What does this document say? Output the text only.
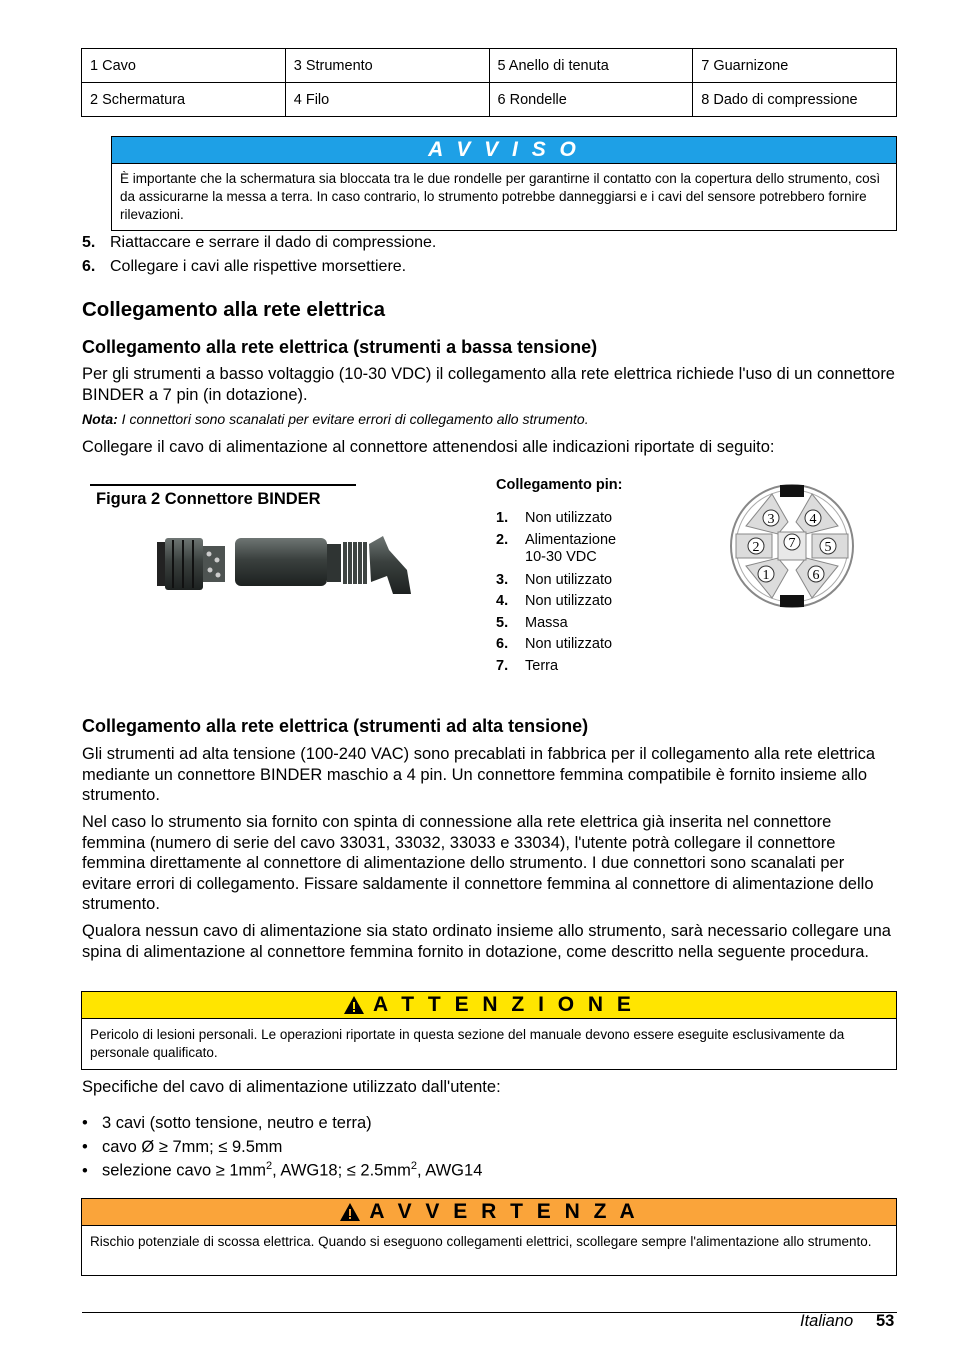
1 Cavo	3 Strumento	5 Anello di tenuta	7 Guarnizone
2 Schermatura	4 Filo	6 Rondelle	8 Dado di compressione
A V V I S O
È importante che la schermatura sia bloccata tra le due rondelle per garantirne il contatto con la copertura dello strumento, così da assicurarne la messa a terra. In caso contrario, lo strumento potrebbe danneggiarsi e i cavi del sensore potrebbero fornire rilevazioni.
5. Riattaccare e serrare il dado di compressione.
6. Collegare i cavi alle rispettive morsettiere.
Collegamento alla rete elettrica
Collegamento alla rete elettrica (strumenti a bassa tensione)
Per gli strumenti a basso voltaggio (10-30 VDC) il collegamento alla rete elettrica richiede l'uso di un connettore BINDER a 7 pin (in dotazione).
Nota: I connettori sono scanalati per evitare errori di collegamento allo strumento.
Collegare il cavo di alimentazione al connettore attenendosi alle indicazioni riportate di seguito:
Figura 2 Connettore BINDER
Collegamento pin:
1. Non utilizzato
2. Alimentazione 10-30 VDC
3. Non utilizzato
4. Non utilizzato
5. Massa
6. Non utilizzato
7. Terra
3	4
2 7 5
1	6
Collegamento alla rete elettrica (strumenti ad alta tensione)
Gli strumenti ad alta tensione (100-240 VAC) sono precablati in fabbrica per il collegamento alla rete elettrica mediante un connettore BINDER maschio a 4 pin. Un connettore femmina compatibile è fornito insieme allo strumento.
Nel caso lo strumento sia fornito con spinta di connessione alla rete elettrica già inserita nel connettore femmina (numero di serie del cavo 33031, 33032, 33033 e 33034), l'utente potrà collegare il connettore femmina direttamente al connettore di alimentazione dello strumento. I due connettori sono scanalati per evitare errori di collegamento. Fissare saldamente il connettore femmina al connettore di alimentazione dello strumento.
Qualora nessun cavo di alimentazione sia stato ordinato insieme allo strumento, sarà necessario collegare una spina di alimentazione al connettore femmina fornito in dotazione, come descritto nella seguente procedura.
A T T E N Z I O N E
Pericolo di lesioni personali. Le operazioni riportate in questa sezione del manuale devono essere eseguite esclusivamente da personale qualificato.
Specifiche del cavo di alimentazione utilizzato dall'utente:
• 3 cavi (sotto tensione, neutro e terra)
• cavo Ø ≥ 7mm; ≤ 9.5mm
• selezione cavo ≥ $1mm^2$, AWG18; ≤ $2.5mm^2$, AWG14
A V V E R T E N Z A
Rischio potenziale di scossa elettrica. Quando si eseguono collegamenti elettrici, scollegare sempre l'alimentazione allo strumento.
Italiano 53
